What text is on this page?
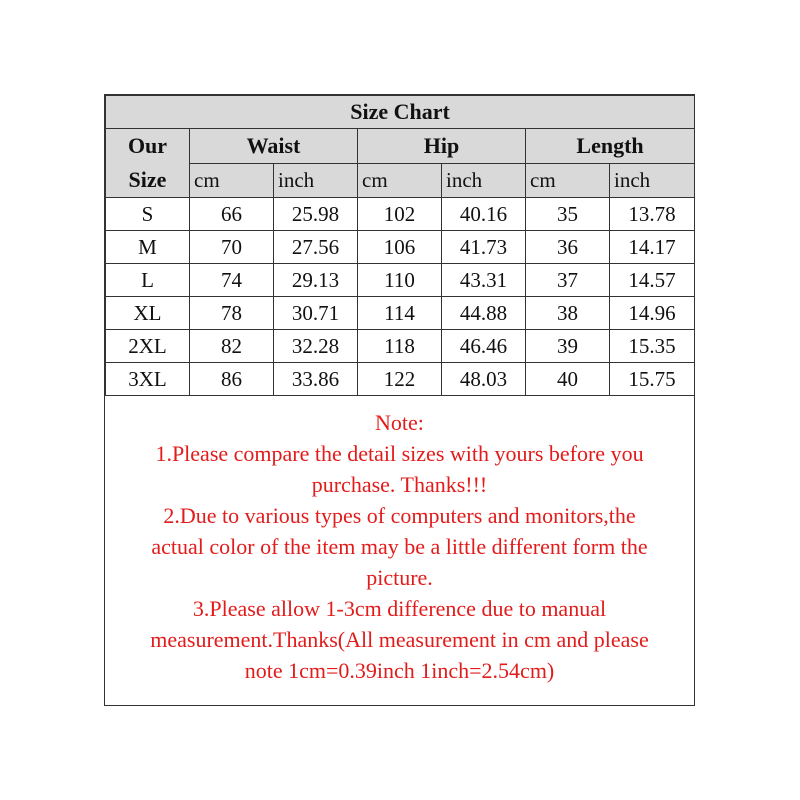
Size Chart						
Our
Size	Waist		Hip		Length	
	cm	inch	cm	inch	cm	inch
S	66	25.98	102	40.16	35	13.78
M	70	27.56	106	41.73	36	14.17
L	74	29.13	110	43.31	37	14.57
XL	78	30.71	114	44.88	38	14.96
2XL	82	32.28	118	46.46	39	15.35
3XL	86	33.86	122	48.03	40	15.75
Note:
1.Please compare the detail sizes with yours before you
purchase. Thanks!!!
2.Due to various types of computers and monitors,the
actual color of the item may be a little different form the
picture.
3.Please allow 1-3cm difference due to manual
measurement.Thanks(All measurement in cm and please
note 1cm=0.39inch 1inch=2.54cm)
